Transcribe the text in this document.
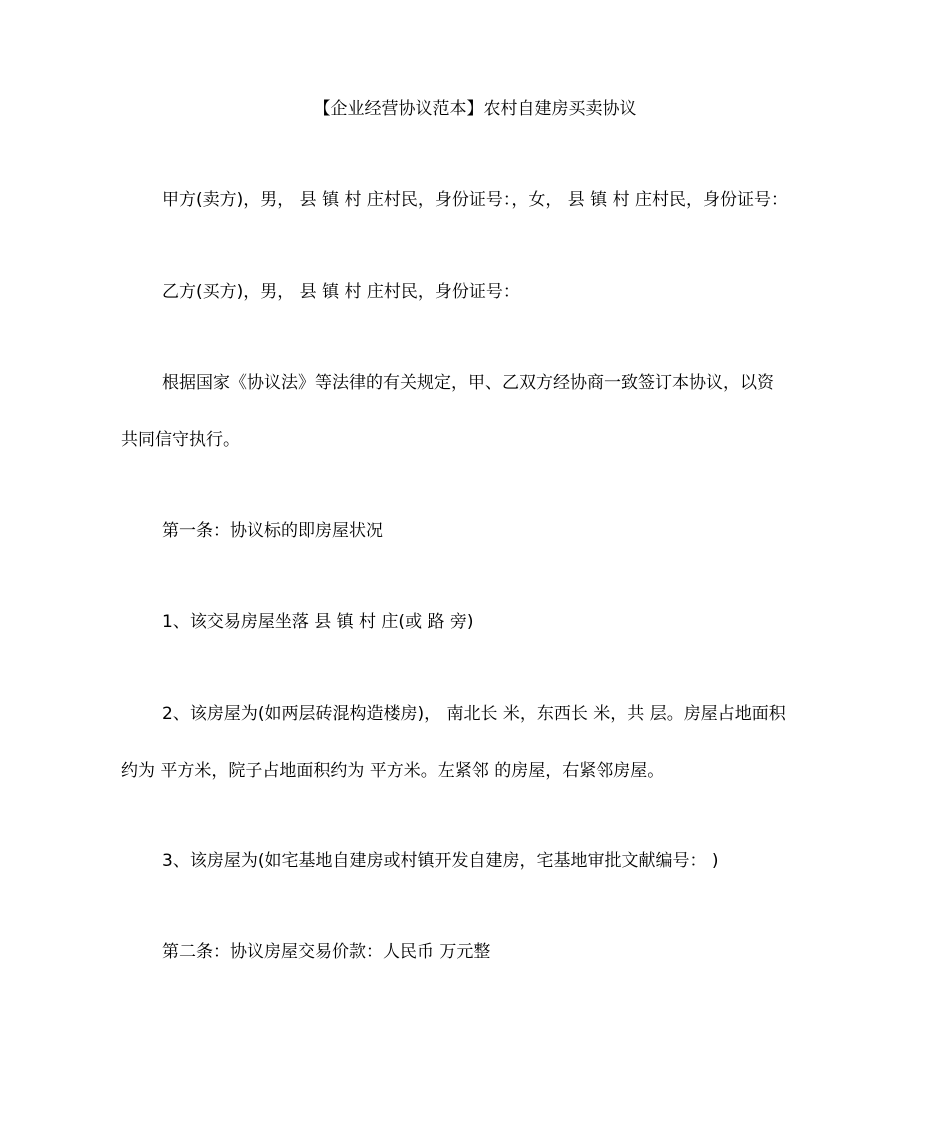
【企业经营协议范本】农村自建房买卖协议
甲方(卖方)，男， 县 镇 村 庄村民，身份证号：，女， 县 镇 村 庄村民，身份证号：
乙方(买方)，男， 县 镇 村 庄村民，身份证号：
根据国家《协议法》等法律的有关规定，甲、乙双方经协商一致签订本协议，以资
共同信守执行。
第一条：协议标的即房屋状况
1、该交易房屋坐落 县 镇 村 庄(或 路 旁)
2、该房屋为(如两层砖混构造楼房)， 南北长 米，东西长 米，共 层。房屋占地面积
约为 平方米，院子占地面积约为 平方米。左紧邻 的房屋，右紧邻房屋。
3、该房屋为(如宅基地自建房或村镇开发自建房，宅基地审批文献编号： )
第二条：协议房屋交易价款：人民币 万元整
